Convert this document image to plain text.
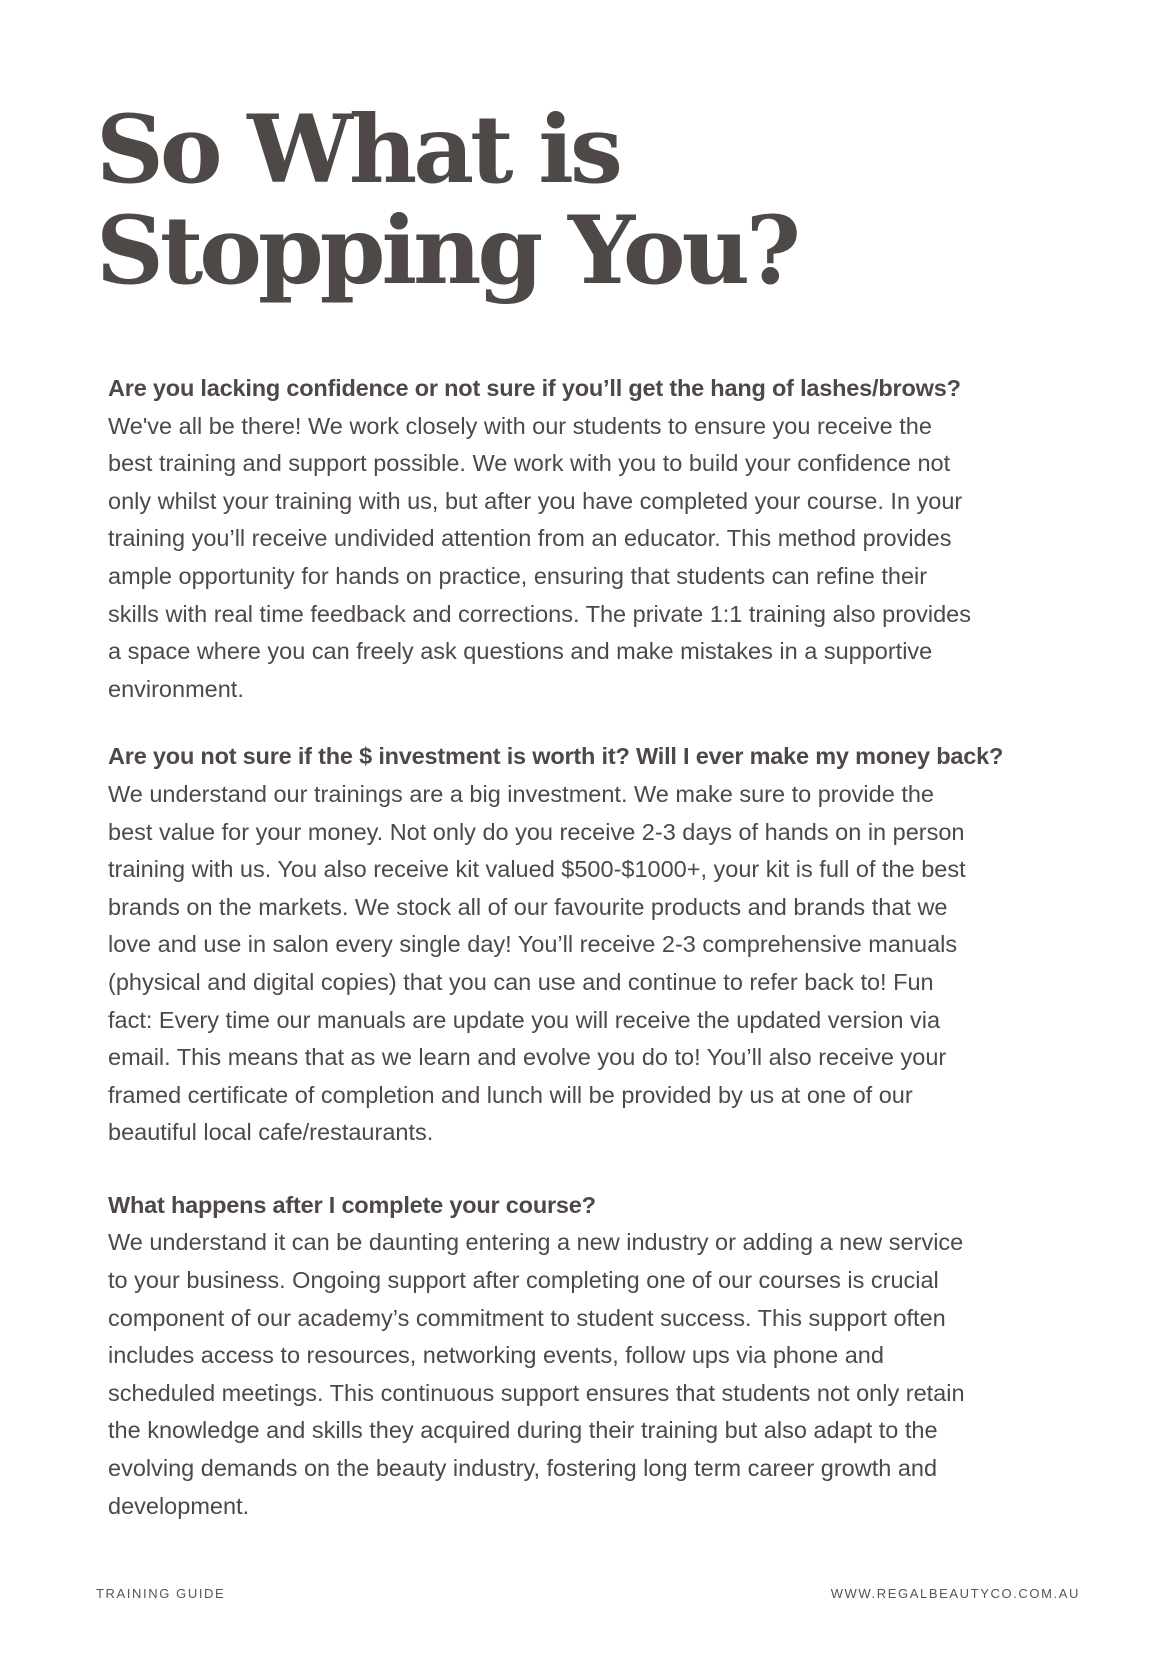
So What is
Stopping You?
Are you lacking confidence or not sure if you’ll get the hang of lashes/brows?
We've all be there! We work closely with our students to ensure you receive the
best training and support possible. We work with you to build your confidence not
only whilst your training with us, but after you have completed your course. In your
training you’ll receive undivided attention from an educator. This method provides
ample opportunity for hands on practice, ensuring that students can refine their
skills with real time feedback and corrections. The private 1:1 training also provides
a space where you can freely ask questions and make mistakes in a supportive
environment.
Are you not sure if the $ investment is worth it? Will I ever make my money back?
We understand our trainings are a big investment. We make sure to provide the
best value for your money. Not only do you receive 2-3 days of hands on in person
training with us. You also receive kit valued $500-$1000+, your kit is full of the best
brands on the markets. We stock all of our favourite products and brands that we
love and use in salon every single day! You’ll receive 2-3 comprehensive manuals
(physical and digital copies) that you can use and continue to refer back to! Fun
fact: Every time our manuals are update you will receive the updated version via
email. This means that as we learn and evolve you do to! You’ll also receive your
framed certificate of completion and lunch will be provided by us at one of our
beautiful local cafe/restaurants.
What happens after I complete your course?
We understand it can be daunting entering a new industry or adding a new service
to your business. Ongoing support after completing one of our courses is crucial
component of our academy’s commitment to student success. This support often
includes access to resources, networking events, follow ups via phone and
scheduled meetings. This continuous support ensures that students not only retain
the knowledge and skills they acquired during their training but also adapt to the
evolving demands on the beauty industry, fostering long term career growth and
development.
TRAINING GUIDE	WWW.REGALBEAUTYCO.COM.AU
